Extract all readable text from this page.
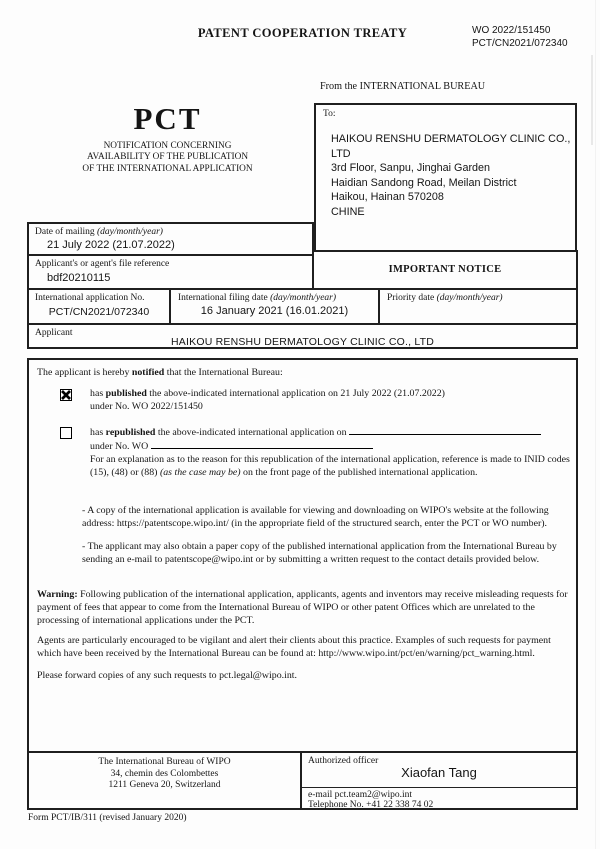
PATENT COOPERATION TREATY	WO 2022/151450
PCT/CN2021/072340
From the INTERNATIONAL BUREAU
PCT
NOTIFICATION CONCERNING
AVAILABILITY OF THE PUBLICATION
OF THE INTERNATIONAL APPLICATION
To:
HAIKOU RENSHU DERMATOLOGY CLINIC CO.,
LTD
3rd Floor, Sanpu, Jinghai Garden
Haidian Sandong Road, Meilan District
Haikou, Hainan 570208
CHINE
Date of mailing (day/month/year)
21 July 2022 (21.07.2022)
Applicant's or agent's file reference
bdf20210115
IMPORTANT NOTICE
International application No.
PCT/CN2021/072340
International filing date (day/month/year)
16 January 2021 (16.01.2021)
Priority date (day/month/year)
Applicant
HAIKOU RENSHU DERMATOLOGY CLINIC CO., LTD
The applicant is hereby notified that the International Bureau:
has published the above-indicated international application on 21 July 2022 (21.07.2022)
under No. WO 2022/151450
has republished the above-indicated international application on
under No. WO
For an explanation as to the reason for this republication of the international application, reference is made to INID codes (15), (48) or (88) (as the case may be) on the front page of the published international application.
- A copy of the international application is available for viewing and downloading on WIPO's website at the following address: https://patentscope.wipo.int/ (in the appropriate field of the structured search, enter the PCT or WO number).
- The applicant may also obtain a paper copy of the published international application from the International Bureau by sending an e-mail to patentscope@wipo.int or by submitting a written request to the contact details provided below.
Warning: Following publication of the international application, applicants, agents and inventors may receive misleading requests for payment of fees that appear to come from the International Bureau of WIPO or other patent Offices which are unrelated to the processing of international applications under the PCT.
Agents are particularly encouraged to be vigilant and alert their clients about this practice. Examples of such requests for payment which have been received by the International Bureau can be found at: http://www.wipo.int/pct/en/warning/pct_warning.html.
Please forward copies of any such requests to pct.legal@wipo.int.
The International Bureau of WIPO
34, chemin des Colombettes
1211 Geneva 20, Switzerland
Authorized officer
Xiaofan Tang
e-mail pct.team2@wipo.int
Telephone No. +41 22 338 74 02
Form PCT/IB/311 (revised January 2020)
